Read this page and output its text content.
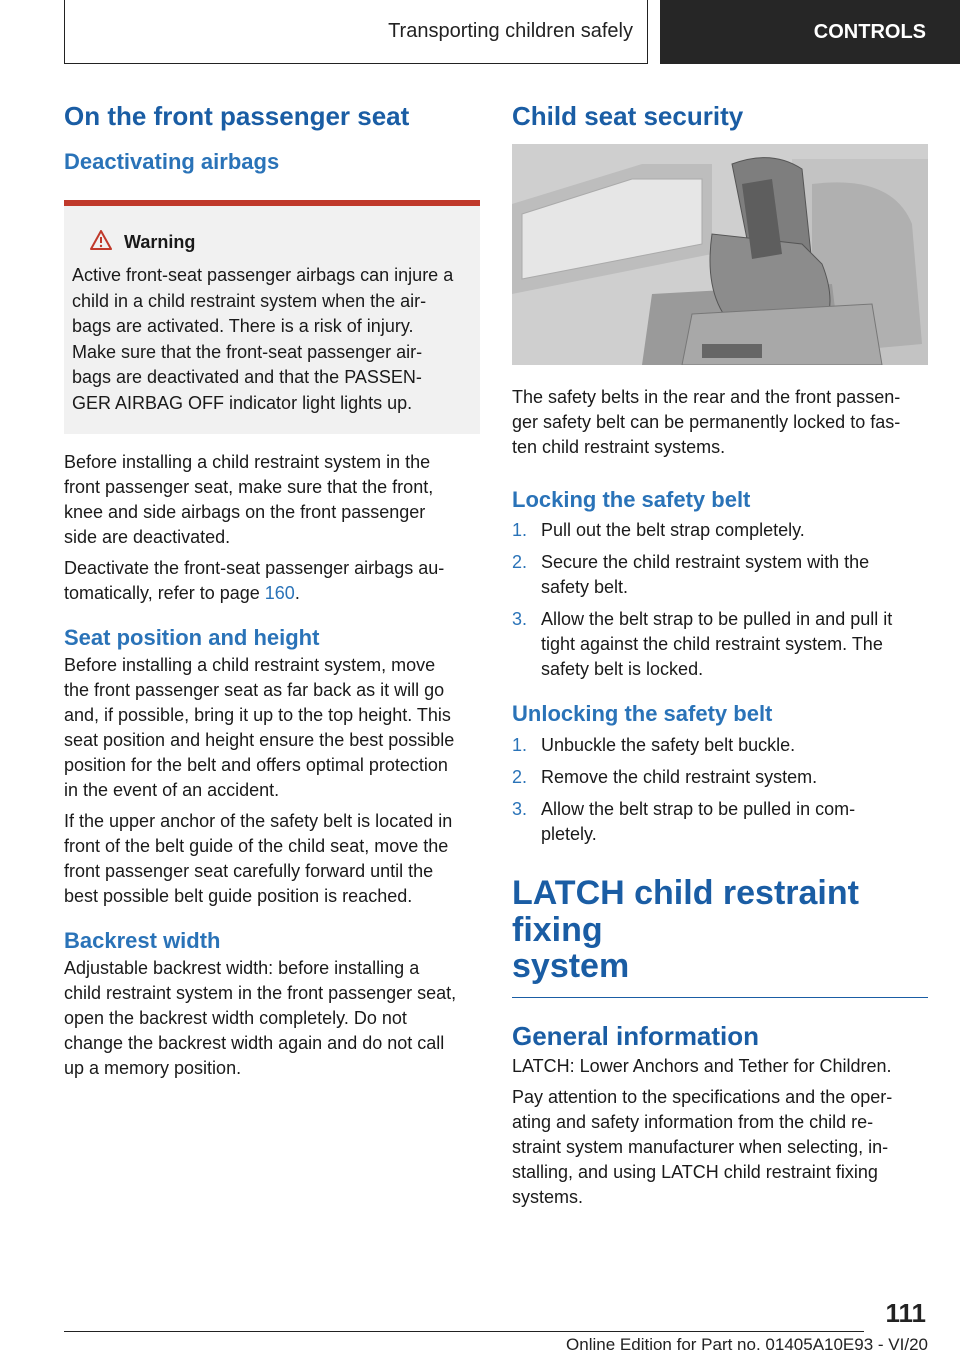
Transporting children safely	CONTROLS
On the front passenger seat
Deactivating airbags
Warning
Active front-seat passenger airbags can injure a
child in a child restraint system when the air-
bags are activated. There is a risk of injury.
Make sure that the front-seat passenger air-
bags are deactivated and that the PASSEN-
GER AIRBAG OFF indicator light lights up.

Before installing a child restraint system in the
front passenger seat, make sure that the front,
knee and side airbags on the front passenger
side are deactivated.

Deactivate the front-seat passenger airbags au-
tomatically, refer to page 160.

Seat position and height

Before installing a child restraint system, move
the front passenger seat as far back as it will go
and, if possible, bring it up to the top height. This
seat position and height ensure the best possible
position for the belt and offers optimal protection
in the event of an accident.

If the upper anchor of the safety belt is located in
front of the belt guide of the child seat, move the
front passenger seat carefully forward until the
best possible belt guide position is reached.

Backrest width

Adjustable backrest width: before installing a
child restraint system in the front passenger seat,
open the backrest width completely. Do not
change the backrest width again and do not call
up a memory position.

Child seat security

The safety belts in the rear and the front passen-
ger safety belt can be permanently locked to fas-
ten child restraint systems.

Locking the safety belt
1. Pull out the belt strap completely.
2. Secure the child restraint system with the
safety belt.
3. Allow the belt strap to be pulled in and pull it
tight against the child restraint system. The
safety belt is locked.
Unlocking the safety belt
1. Unbuckle the safety belt buckle.
2. Remove the child restraint system.
3. Allow the belt strap to be pulled in com-
pletely.
LATCH child restraint fixing
system
General information

LATCH: Lower Anchors and Tether for Children.

Pay attention to the specifications and the oper-
ating and safety information from the child re-
straint system manufacturer when selecting, in-
stalling, and using LATCH child restraint fixing
systems.

111
Online Edition for Part no. 01405A10E93 - VI/20
